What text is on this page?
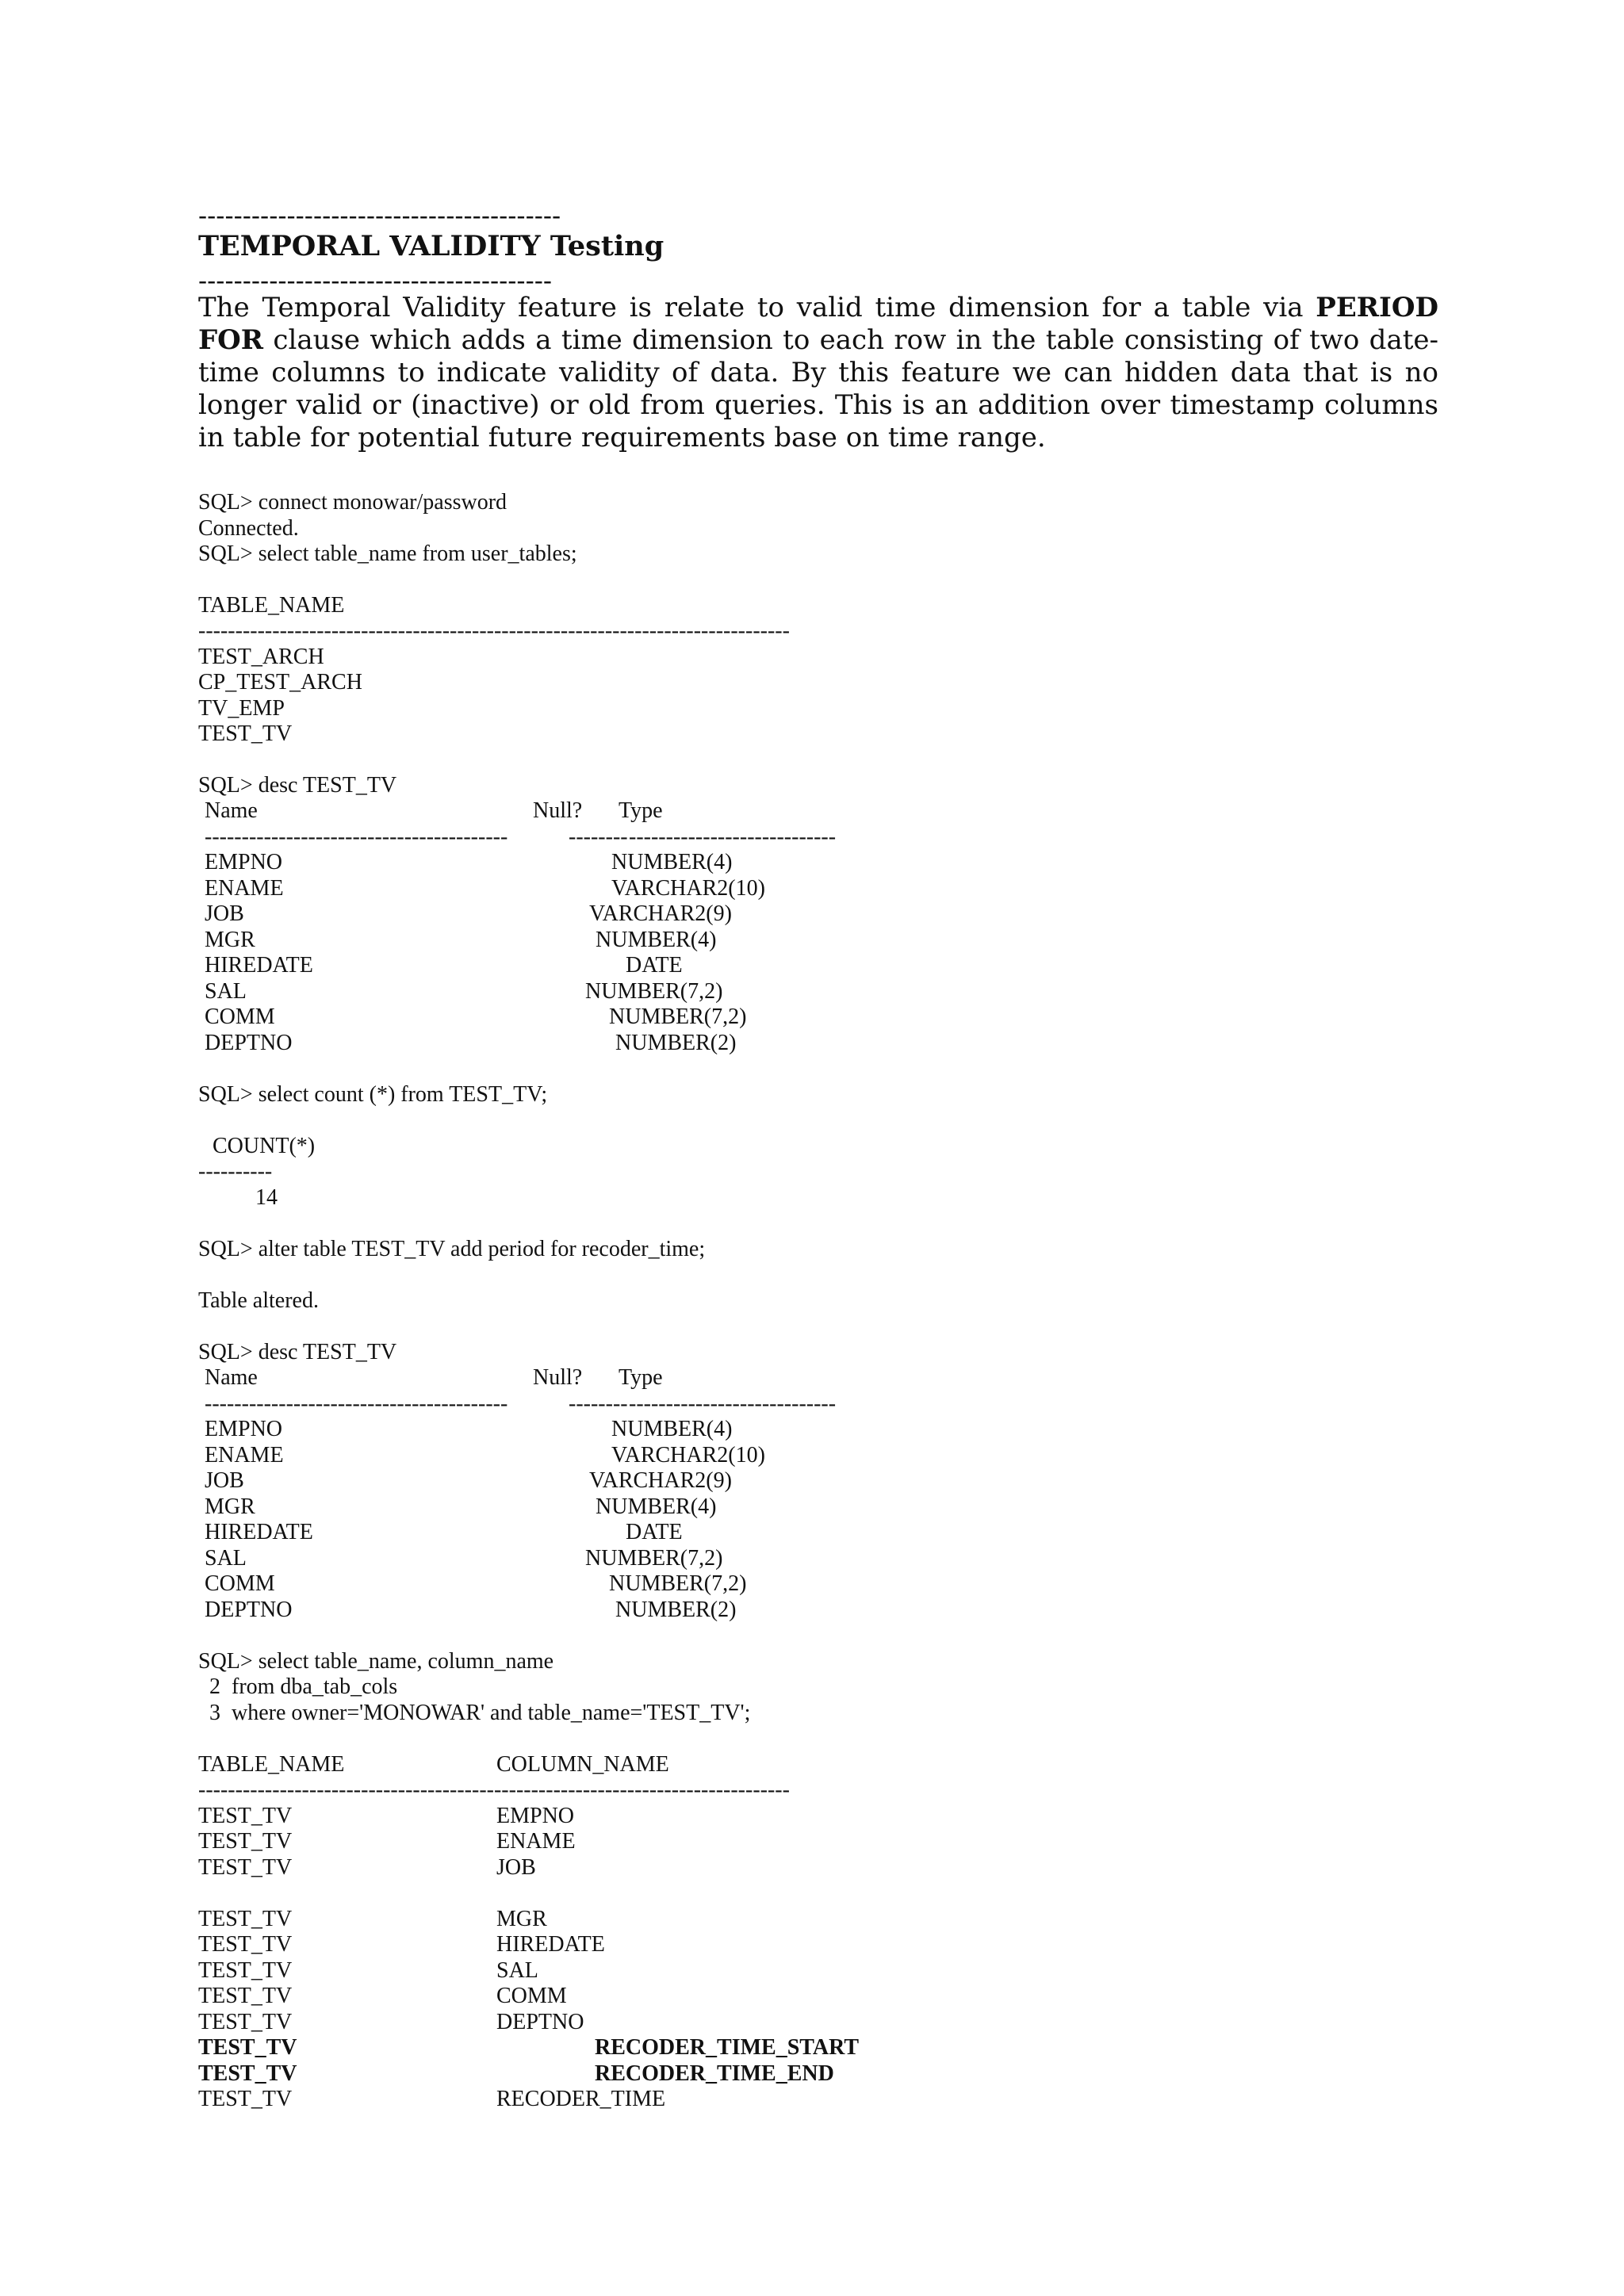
-----------------------------------------
TEMPORAL VALIDITY Testing
----------------------------------------
The Temporal Validity feature is relate to valid time dimension for a table via PERIOD FOR clause which adds a time dimension to each row in the table consisting of two date-time columns to indicate validity of data. By this feature we can hidden data that is no longer valid or (inactive) or old from queries. This is an addition over timestamp columns in table for potential future requirements base on time range.
SQL> connect monowar/password
Connected.
SQL> select table_name from user_tables;
TABLE_NAME
--------------------------------------------------------------------------------
TEST_ARCH
CP_TEST_ARCH
TV_EMP
TEST_TV
SQL> desc TEST_TV
Name	Null? Type
-----------------------------------------	-------- ----------------------------
EMPNO	NUMBER(4)
ENAME	VARCHAR2(10)
JOB	VARCHAR2(9)
MGR	NUMBER(4)
HIREDATE	DATE
SAL	NUMBER(7,2)
COMM	NUMBER(7,2)
DEPTNO	NUMBER(2)
SQL> select count (*) from TEST_TV;
COUNT(*)
----------
14
SQL> alter table TEST_TV add period for recoder_time;
Table altered.
SQL> desc TEST_TV
Name	Null? Type
-----------------------------------------	-------- ----------------------------
EMPNO	NUMBER(4)
ENAME	VARCHAR2(10)
JOB	VARCHAR2(9)
MGR	NUMBER(4)
HIREDATE	DATE
SAL	NUMBER(7,2)
COMM	NUMBER(7,2)
DEPTNO	NUMBER(2)
SQL> select table_name, column_name
2  from dba_tab_cols
3  where owner='MONOWAR' and table_name='TEST_TV';
TABLE_NAME	COLUMN_NAME
--------------------------------------------------------------------------------
TEST_TV	EMPNO
TEST_TV	ENAME
TEST_TV	JOB
TEST_TV	MGR
TEST_TV	HIREDATE
TEST_TV	SAL
TEST_TV	COMM
TEST_TV	DEPTNO
TEST_TV	RECODER_TIME_START
TEST_TV	RECODER_TIME_END
TEST_TV	RECODER_TIME
